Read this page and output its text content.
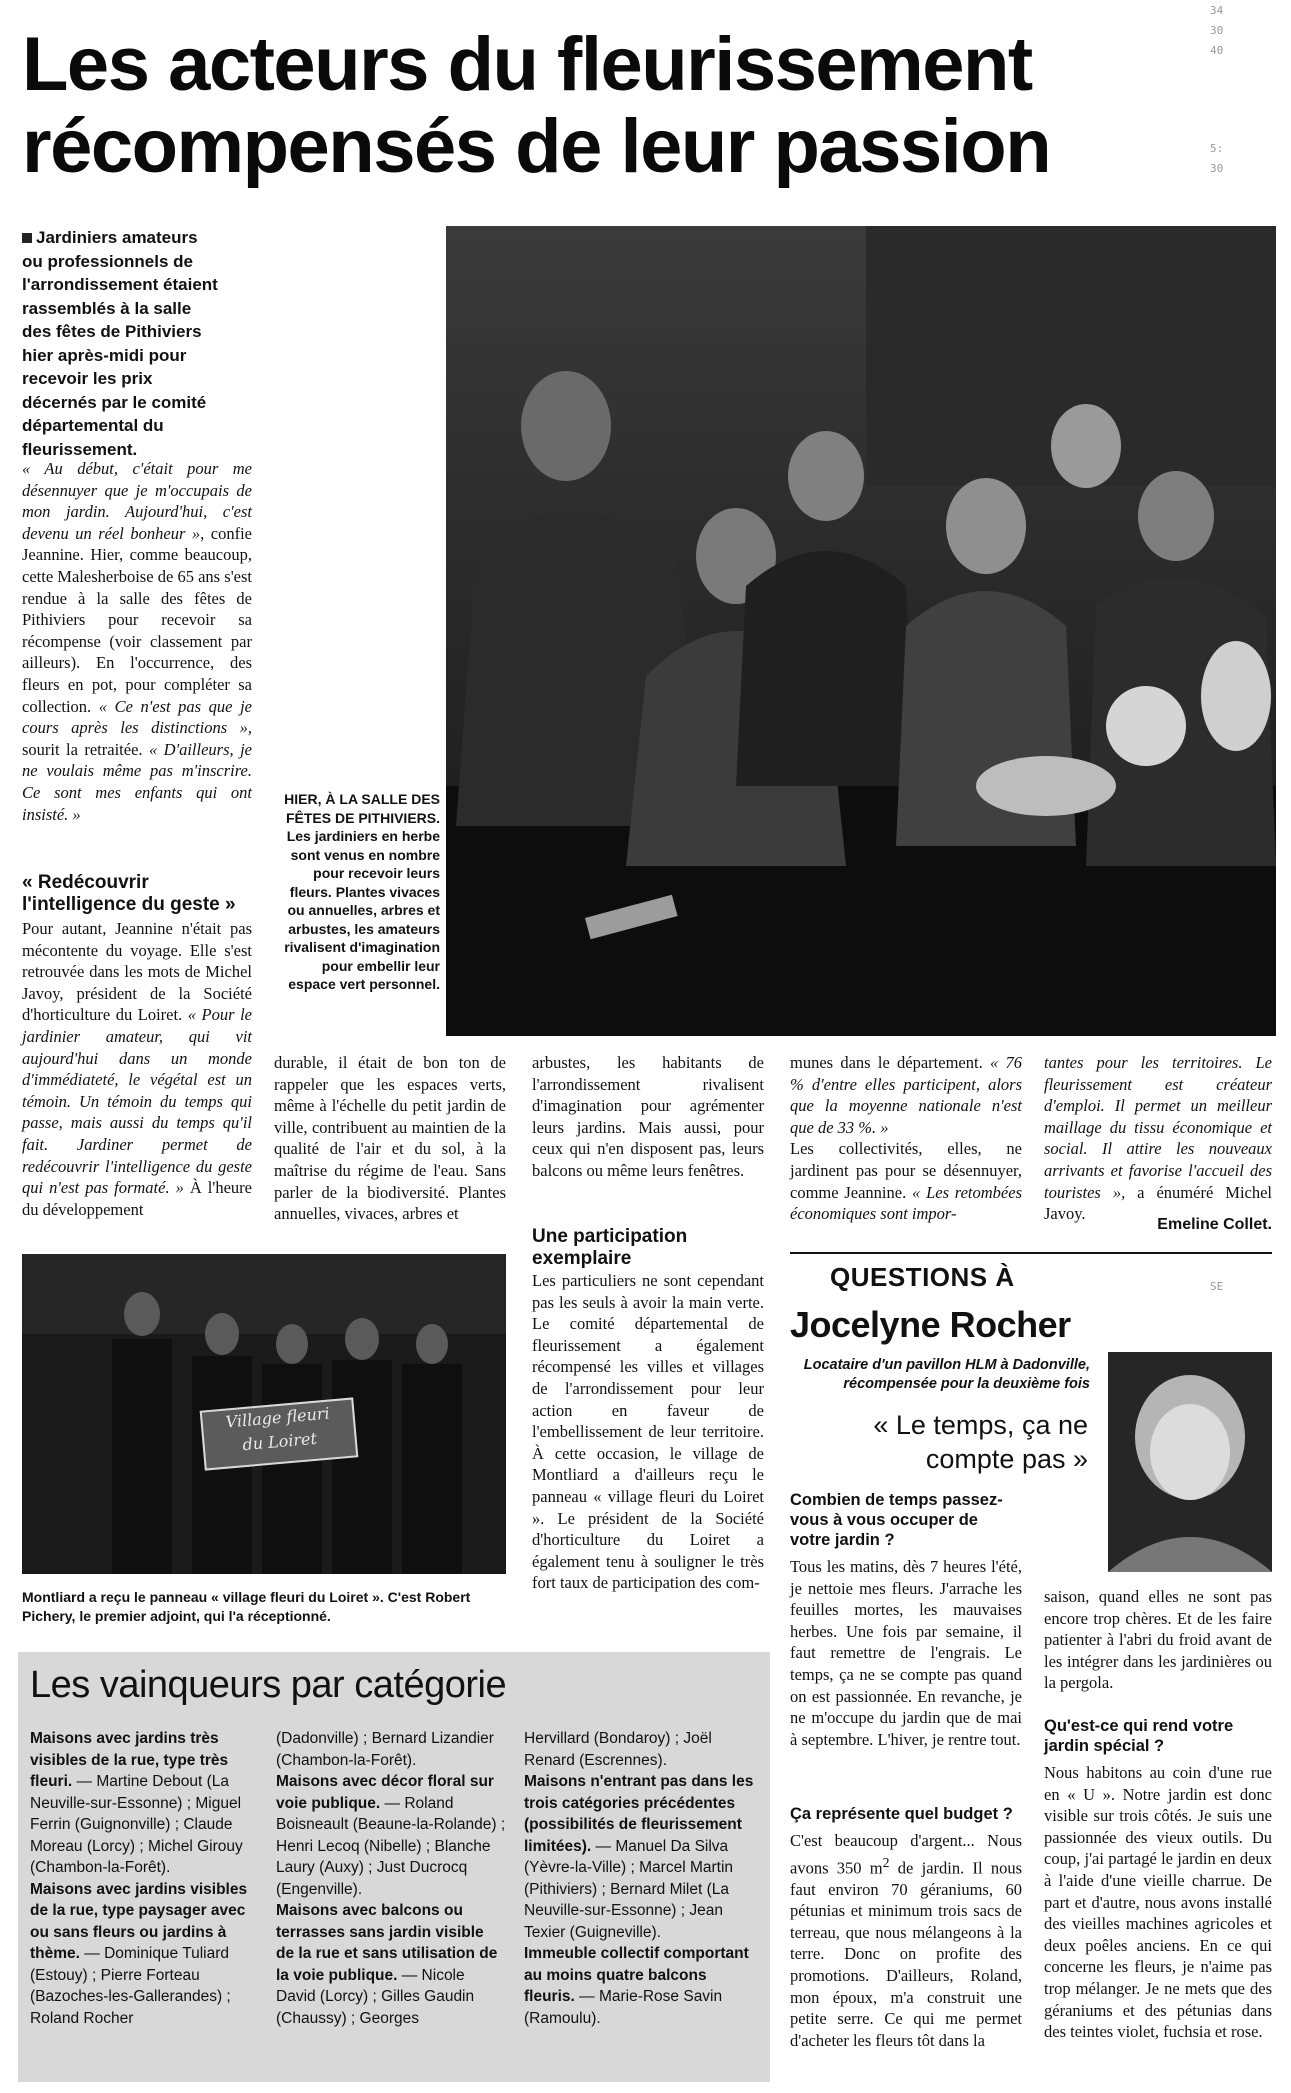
Les acteurs du fleurissement
récompensés de leur passion
34
30
40
5:
30
SE

Jardiniers amateurs ou professionnels de l'arrondissement étaient rassemblés à la salle des fêtes de Pithiviers hier après-midi pour recevoir les prix décernés par le comité départemental du fleurissement.

« Au début, c'était pour me désennuyer que je m'occupais de mon jardin. Aujourd'hui, c'est devenu un réel bonheur », confie Jeannine. Hier, comme beaucoup, cette Malesherboise de 65 ans s'est rendue à la salle des fêtes de Pithiviers pour recevoir sa récompense (voir classement par ailleurs). En l'occurrence, des fleurs en pot, pour compléter sa collection. « Ce n'est pas que je cours après les distinctions », sourit la retraitée. « D'ailleurs, je ne voulais même pas m'inscrire. Ce sont mes enfants qui ont insisté. »

« Redécouvrir l'intelligence du geste »

Pour autant, Jeannine n'était pas mécontente du voyage. Elle s'est retrouvée dans les mots de Michel Javoy, président de la Société d'horticulture du Loiret. « Pour le jardinier amateur, qui vit aujourd'hui dans un monde d'immédiateté, le végétal est un témoin. Un témoin du temps qui passe, mais aussi du temps qu'il fait. Jardiner permet de redécouvrir l'intelligence du geste qui n'est pas formaté. » À l'heure du développement

HIER, À LA SALLE DES FÊTES DE PITHIVIERS.

Les jardiniers en herbe sont venus en nombre pour recevoir leurs fleurs. Plantes vivaces ou annuelles, arbres et arbustes, les amateurs rivalisent d'imagination pour embellir leur espace vert personnel.

durable, il était de bon ton de rappeler que les espaces verts, même à l'échelle du petit jardin de ville, contribuent au maintien de la qualité de l'air et du sol, à la maîtrise du régime de l'eau. Sans parler de la biodiversité. Plantes annuelles, vivaces, arbres et

arbustes, les habitants de l'arrondissement rivalisent d'imagination pour agrémenter leurs jardins. Mais aussi, pour ceux qui n'en disposent pas, leurs balcons ou même leurs fenêtres.

Une participation exemplaire

Les particuliers ne sont cependant pas les seuls à avoir la main verte. Le comité départemental de fleurissement a également récompensé les villes et villages de l'arrondissement pour leur action en faveur de l'embellissement de leur territoire. À cette occasion, le village de Montliard a d'ailleurs reçu le panneau « village fleuri du Loiret ». Le président de la Société d'horticulture du Loiret a également tenu à souligner le très fort taux de participation des com-

munes dans le département. « 76 % d'entre elles participent, alors que la moyenne nationale n'est que de 33 %. »
Les collectivités, elles, ne jardinent pas pour se désennuyer, comme Jeannine. « Les retombées économiques sont impor-

tantes pour les territoires. Le fleurissement est créateur d'emploi. Il permet un meilleur maillage du tissu économique et social. Il attire les nouveaux arrivants et favorise l'accueil des touristes », a énuméré Michel Javoy.

Emeline Collet.
Village fleuri
du Loiret

Montliard a reçu le panneau « village fleuri du Loiret ». C'est Robert Pichery, le premier adjoint, qui l'a réceptionné.

QUESTIONS À
Jocelyne Rocher

Locataire d'un pavillon HLM à Dadonville, récompensée pour la deuxième fois

« Le temps, ça ne compte pas »

Combien de temps passez-vous à vous occuper de votre jardin ?

Tous les matins, dès 7 heures l'été, je nettoie mes fleurs. J'arrache les feuilles mortes, les mauvaises herbes. Une fois par semaine, il faut remettre de l'engrais. Le temps, ça ne se compte pas quand on est passionnée. En revanche, je ne m'occupe du jardin que de mai à septembre. L'hiver, je rentre tout.

Ça représente quel budget ?

C'est beaucoup d'argent... Nous avons 350 $m^2$ de jardin. Il nous faut environ 70 géraniums, 60 pétunias et minimum trois sacs de terreau, que nous mélangeons à la terre. Donc on profite des promotions. D'ailleurs, Roland, mon époux, m'a construit une petite serre. Ce qui me permet d'acheter les fleurs tôt dans la

saison, quand elles ne sont pas encore trop chères. Et de les faire patienter à l'abri du froid avant de les intégrer dans les jardinières ou la pergola.

Qu'est-ce qui rend votre jardin spécial ?

Nous habitons au coin d'une rue en « U ». Notre jardin est donc visible sur trois côtés. Je suis une passionnée des vieux outils. Du coup, j'ai partagé le jardin en deux à l'aide d'une vieille charrue. De part et d'autre, nous avons installé des vieilles machines agricoles et deux poêles anciens. En ce qui concerne les fleurs, je n'aime pas trop mélanger. Je ne mets que des géraniums et des pétunias dans des teintes violet, fuchsia et rose.

Les vainqueurs par catégorie

Maisons avec jardins très visibles de la rue, type très fleuri. — Martine Debout (La Neuville-sur-Essonne) ; Miguel Ferrin (Guignonville) ; Claude Moreau (Lorcy) ; Michel Girouy (Chambon-la-Forêt).
Maisons avec jardins visibles de la rue, type paysager avec ou sans fleurs ou jardins à thème. — Dominique Tuliard (Estouy) ; Pierre Forteau (Bazoches-les-Gallerandes) ; Roland Rocher

(Dadonville) ; Bernard Lizandier (Chambon-la-Forêt).
Maisons avec décor floral sur voie publique. — Roland Boisneault (Beaune-la-Rolande) ; Henri Lecoq (Nibelle) ; Blanche Laury (Auxy) ; Just Ducrocq (Engenville).
Maisons avec balcons ou terrasses sans jardin visible de la rue et sans utilisation de la voie publique. — Nicole David (Lorcy) ; Gilles Gaudin (Chaussy) ; Georges

Hervillard (Bondaroy) ; Joël Renard (Escrennes).
Maisons n'entrant pas dans les trois catégories précédentes (possibilités de fleurissement limitées). — Manuel Da Silva (Yèvre-la-Ville) ; Marcel Martin (Pithiviers) ; Bernard Milet (La Neuville-sur-Essonne) ; Jean Texier (Guigneville).
Immeuble collectif comportant au moins quatre balcons fleuris. — Marie-Rose Savin (Ramoulu).
